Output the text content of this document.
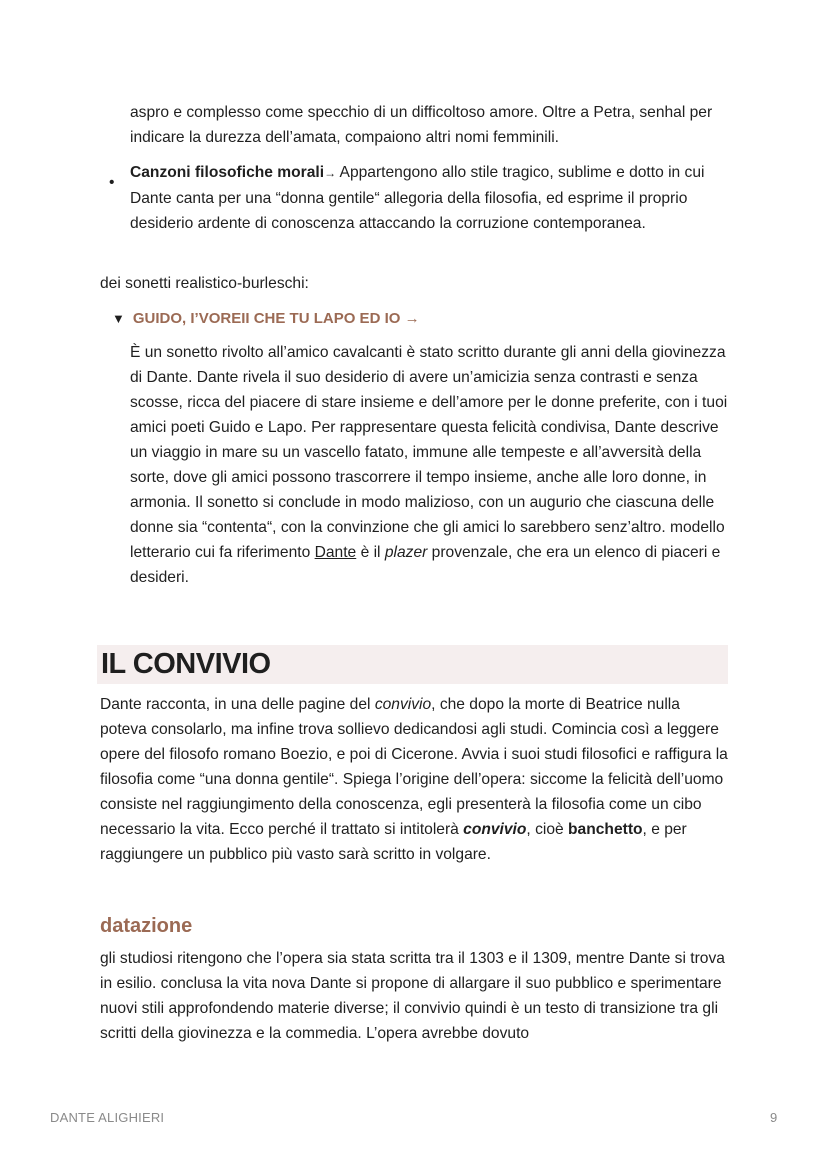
aspro e complesso come specchio di un difficoltoso amore. Oltre a Petra, senhal per indicare la durezza dell’amata, compaiono altri nomi femminili.

•

Canzoni filosofiche morali→ Appartengono allo stile tragico, sublime e dotto in cui Dante canta per una “donna gentile“ allegoria della filosofia, ed esprime il proprio desiderio ardente di conoscenza attaccando la corruzione contemporanea.

dei sonetti realistico-burleschi:

▼ GUIDO, I’VOREII CHE TU LAPO ED IO →

È un sonetto rivolto all’amico cavalcanti è stato scritto durante gli anni della giovinezza di Dante. Dante rivela il suo desiderio di avere un’amicizia senza contrasti e senza scosse, ricca del piacere di stare insieme e dell’amore per le donne preferite, con i tuoi amici poeti Guido e Lapo. Per rappresentare questa felicità condivisa, Dante descrive un viaggio in mare su un vascello fatato, immune alle tempeste e all’avversità della sorte, dove gli amici possono trascorrere il tempo insieme, anche alle loro donne, in armonia. Il sonetto si conclude in modo malizioso, con un augurio che ciascuna delle donne sia “contenta“, con la convinzione che gli amici lo sarebbero senz’altro. modello letterario cui fa riferimento Dante è il plazer provenzale, che era un elenco di piaceri e desideri.

IL CONVIVIO

Dante racconta, in una delle pagine del convivio, che dopo la morte di Beatrice nulla poteva consolarlo, ma infine trova sollievo dedicandosi agli studi. Comincia così a leggere opere del filosofo romano Boezio, e poi di Cicerone. Avvia i suoi studi filosofici e raffigura la filosofia come “una donna gentile“. Spiega l’origine dell’opera: siccome la felicità dell’uomo consiste nel raggiungimento della conoscenza, egli presenterà la filosofia come un cibo necessario la vita. Ecco perché il trattato si intitolerà convivio, cioè banchetto, e per raggiungere un pubblico più vasto sarà scritto in volgare.

datazione

gli studiosi ritengono che l’opera sia stata scritta tra il 1303 e il 1309, mentre Dante si trova in esilio. conclusa la vita nova Dante si propone di allargare il suo pubblico e sperimentare nuovi stili approfondendo materie diverse; il convivio quindi è un testo di transizione tra gli scritti della giovinezza e la commedia. L’opera avrebbe dovuto

DANTE ALIGHIERI	9
